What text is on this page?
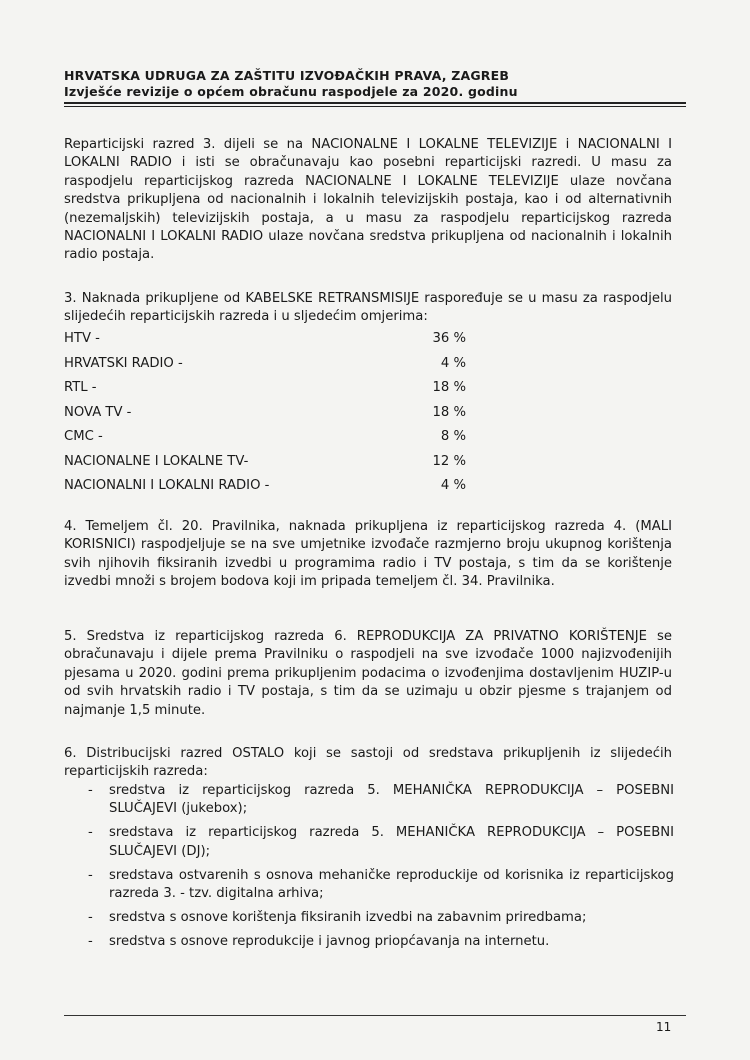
HRVATSKA UDRUGA ZA ZAŠTITU IZVOĐAČKIH PRAVA, ZAGREB
Izvješće revizije o općem obračunu raspodjele za 2020. godinu
Reparticijski razred 3. dijeli se na NACIONALNE I LOKALNE TELEVIZIJE i NACIONALNI I LOKALNI RADIO i isti se obračunavaju kao posebni reparticijski razredi. U masu za raspodjelu reparticijskog razreda NACIONALNE I LOKALNE TELEVIZIJE ulaze novčana sredstva prikupljena od nacionalnih i lokalnih televizijskih postaja, kao i od alternativnih (nezemaljskih) televizijskih postaja, a u masu za raspodjelu reparticijskog razreda NACIONALNI I LOKALNI RADIO ulaze novčana sredstva prikupljena od nacionalnih i lokalnih radio postaja.
3. Naknada prikupljene od KABELSKE RETRANSMISIJE raspoređuje se u masu za raspodjelu slijedećih reparticijskih razreda i u sljedećim omjerima:
HTV -	36 %
HRVATSKI RADIO -	4 %
RTL -	18 %
NOVA TV -	18 %
CMC -	8 %
NACIONALNE I LOKALNE TV-	12 %
NACIONALNI I LOKALNI RADIO -	4 %
4. Temeljem čl. 20. Pravilnika, naknada prikupljena iz reparticijskog razreda 4. (MALI KORISNICI) raspodjeljuje se na sve umjetnike izvođače razmjerno broju ukupnog korištenja svih njihovih fiksiranih izvedbi u programima radio i TV postaja, s tim da se korištenje izvedbi množi s brojem bodova koji im pripada temeljem čl. 34. Pravilnika.
5. Sredstva iz reparticijskog razreda 6. REPRODUKCIJA ZA PRIVATNO KORIŠTENJE se obračunavaju i dijele prema Pravilniku o raspodjeli na sve izvođače 1000 najizvođenijih pjesama u 2020. godini prema prikupljenim podacima o izvođenjima dostavljenim HUZIP-u od svih hrvatskih radio i TV postaja, s tim da se uzimaju u obzir pjesme s trajanjem od najmanje 1,5 minute.
6. Distribucijski razred OSTALO koji se sastoji od sredstava prikupljenih iz slijedećih reparticijskih razreda:
- sredstva iz reparticijskog razreda 5. MEHANIČKA REPRODUKCIJA – POSEBNI SLUČAJEVI (jukebox);
- sredstava iz reparticijskog razreda 5. MEHANIČKA REPRODUKCIJA – POSEBNI SLUČAJEVI (DJ);
- sredstava ostvarenih s osnova mehaničke reproduckije od korisnika iz reparticijskog razreda 3. - tzv. digitalna arhiva;
- sredstva s osnove korištenja fiksiranih izvedbi na zabavnim priredbama;
- sredstva s osnove reprodukcije i javnog priopćavanja na internetu.
11
